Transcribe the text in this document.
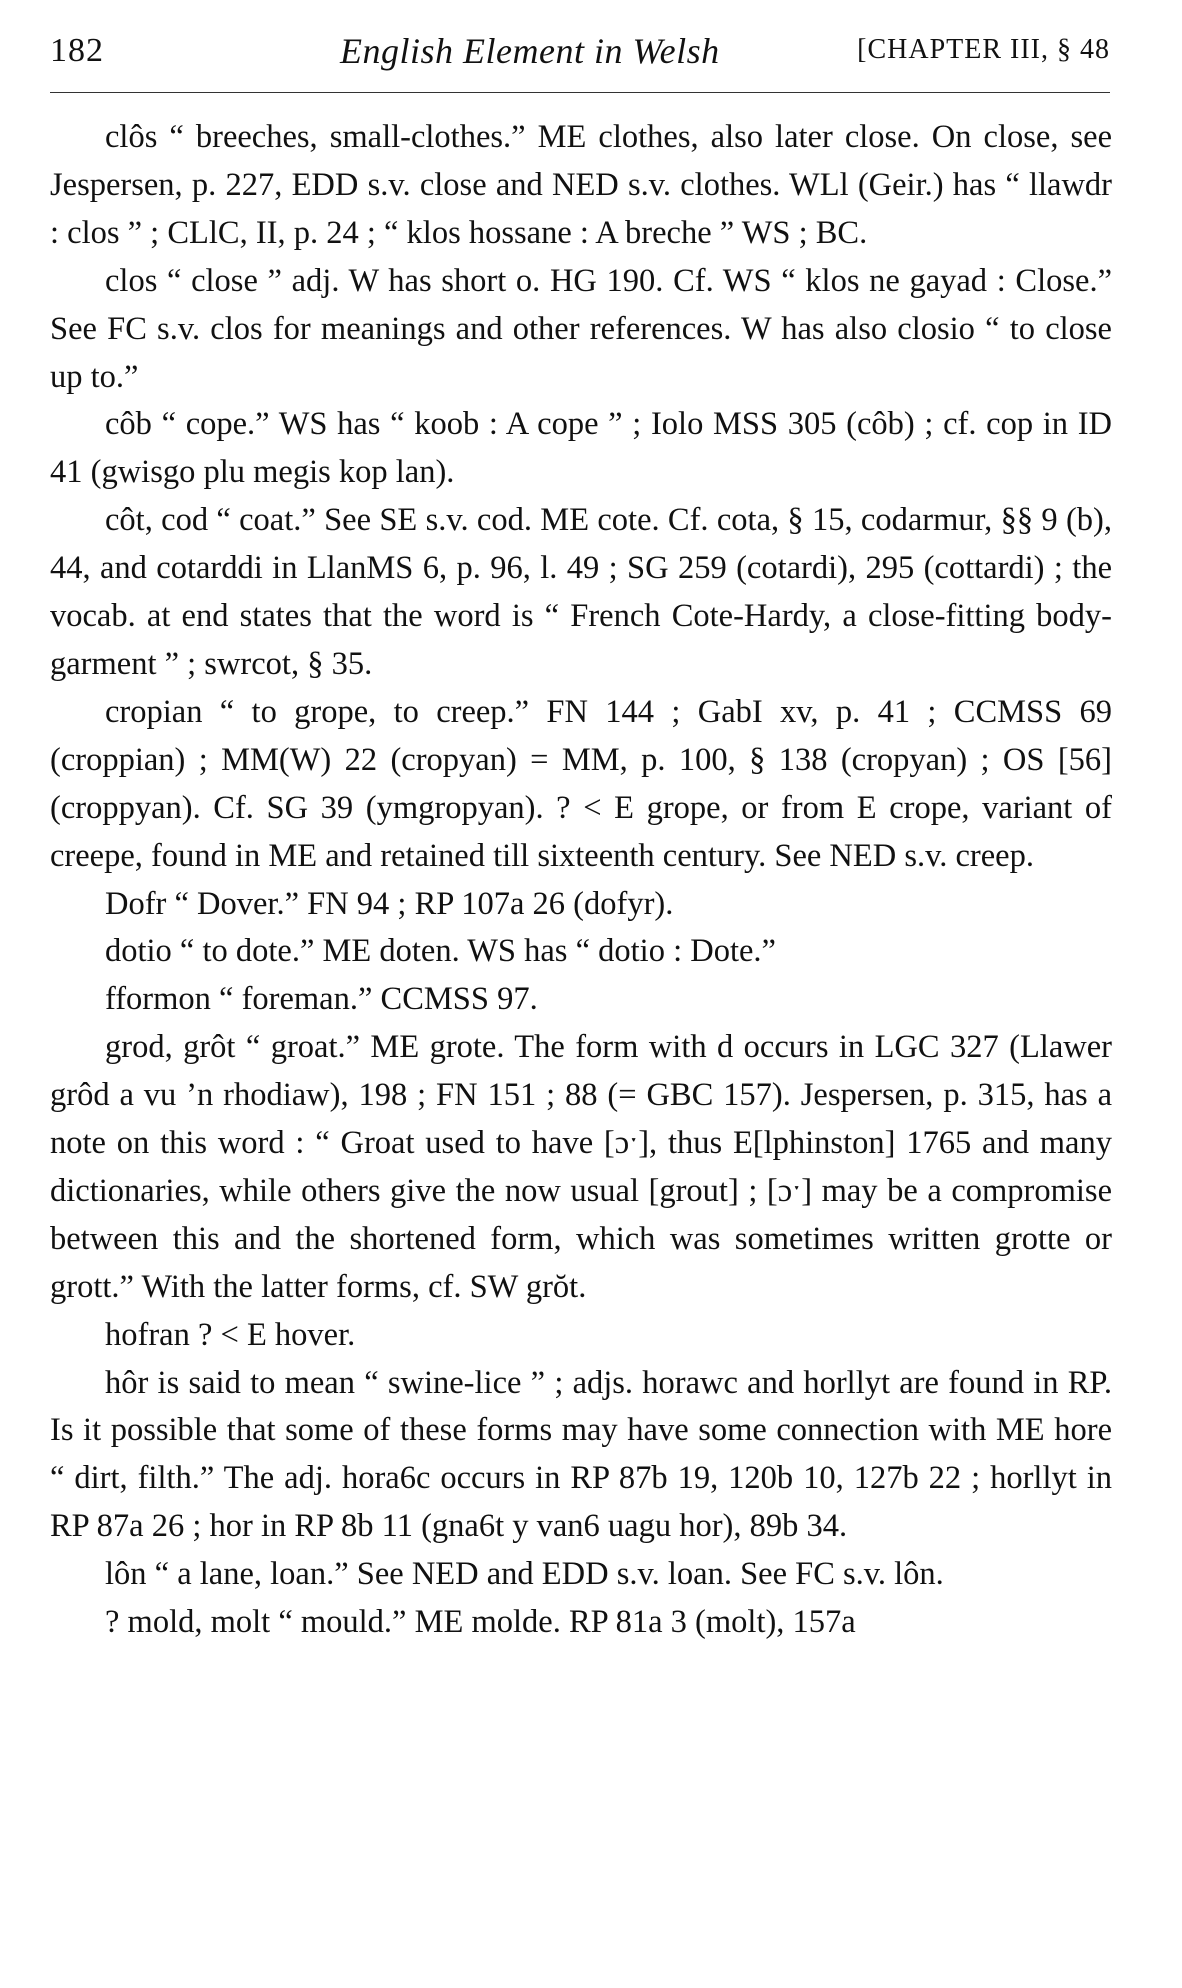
182	English Element in Welsh	[CHAPTER III, § 48

clôs “ breeches, small-clothes.” ME clothes, also later close. On close, see Jespersen, p. 227, EDD s.v. close and NED s.v. clothes. WLl (Geir.) has “ llawdr : clos ” ; CLlC, II, p. 24 ; “ klos hossane : A breche ” WS ; BC.

clos “ close ” adj. W has short o. HG 190. Cf. WS “ klos ne gayad : Close.” See FC s.v. clos for meanings and other references. W has also closio “ to close up to.”

côb “ cope.” WS has “ koob : A cope ” ; Iolo MSS 305 (côb) ; cf. cop in ID 41 (gwisgo plu megis kop lan).

côt, cod “ coat.” See SE s.v. cod. ME cote. Cf. cota, § 15, codarmur, §§ 9 (b), 44, and cotarddi in LlanMS 6, p. 96, l. 49 ; SG 259 (cotardi), 295 (cottardi) ; the vocab. at end states that the word is “ French Cote-Hardy, a close-fitting body-garment ” ; swrcot, § 35.

cropian “ to grope, to creep.” FN 144 ; GabI xv, p. 41 ; CCMSS 69 (croppian) ; MM(W) 22 (cropyan) = MM, p. 100, § 138 (cropyan) ; OS [56] (croppyan). Cf. SG 39 (ymgropyan). ? < E grope, or from E crope, variant of creepe, found in ME and retained till sixteenth century. See NED s.v. creep.

Dofr “ Dover.” FN 94 ; RP 107a 26 (dofyr).

dotio “ to dote.” ME doten. WS has “ dotio : Dote.”

fformon “ foreman.” CCMSS 97.

grod, grôt “ groat.” ME grote. The form with d occurs in LGC 327 (Llawer grôd a vu ’n rhodiaw), 198 ; FN 151 ; 88 (= GBC 157). Jespersen, p. 315, has a note on this word : “ Groat used to have [ɔˑ], thus E[lphinston] 1765 and many dictionaries, while others give the now usual [grout] ; [ɔˑ] may be a compromise between this and the shortened form, which was sometimes written grotte or grott.” With the latter forms, cf. SW grŏt.

hofran ? < E hover.

hôr is said to mean “ swine-lice ” ; adjs. horawc and horllyt are found in RP. Is it possible that some of these forms may have some connection with ME hore “ dirt, filth.” The adj. hora6c occurs in RP 87b 19, 120b 10, 127b 22 ; horllyt in RP 87a 26 ; hor in RP 8b 11 (gna6t y van6 uagu hor), 89b 34.

lôn “ a lane, loan.” See NED and EDD s.v. loan. See FC s.v. lôn.

? mold, molt “ mould.” ME molde. RP 81a 3 (molt), 157a
